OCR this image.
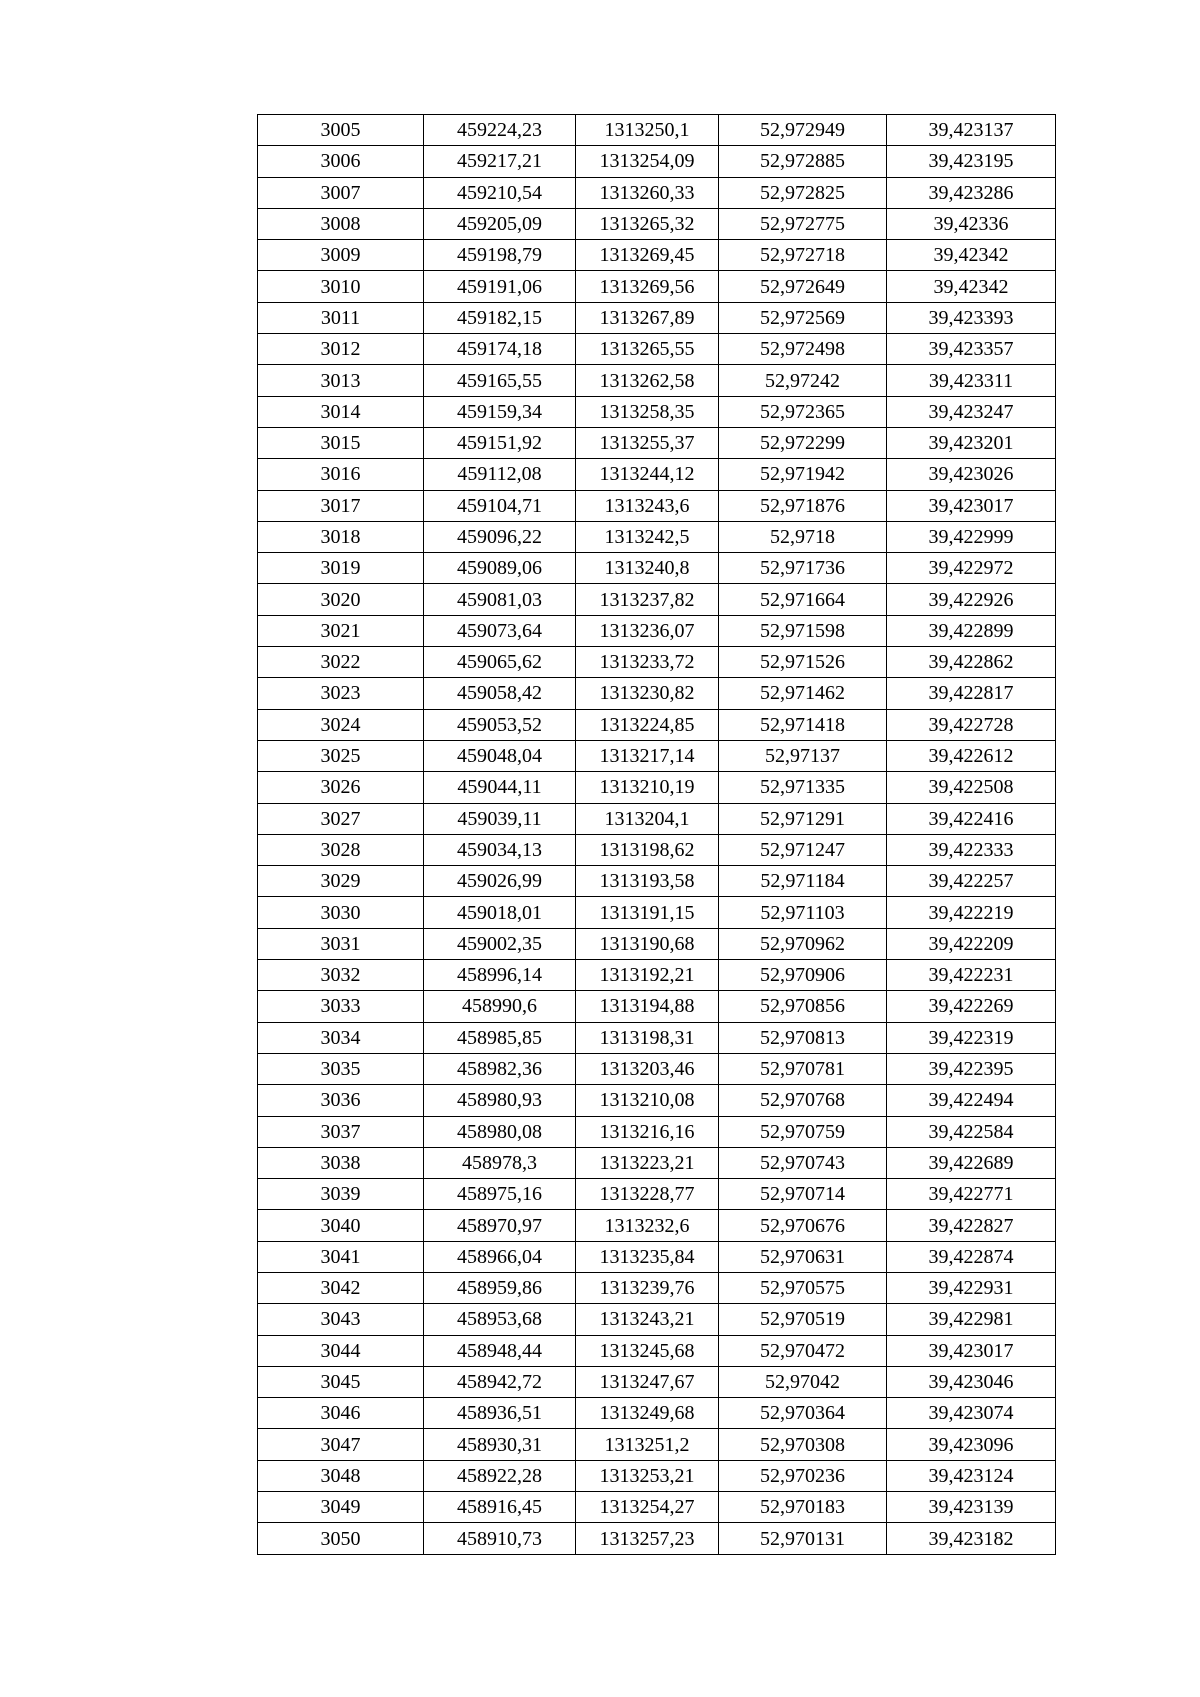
3005	459224,23	1313250,1	52,972949	39,423137
3006	459217,21	1313254,09	52,972885	39,423195
3007	459210,54	1313260,33	52,972825	39,423286
3008	459205,09	1313265,32	52,972775	39,42336
3009	459198,79	1313269,45	52,972718	39,42342
3010	459191,06	1313269,56	52,972649	39,42342
3011	459182,15	1313267,89	52,972569	39,423393
3012	459174,18	1313265,55	52,972498	39,423357
3013	459165,55	1313262,58	52,97242	39,423311
3014	459159,34	1313258,35	52,972365	39,423247
3015	459151,92	1313255,37	52,972299	39,423201
3016	459112,08	1313244,12	52,971942	39,423026
3017	459104,71	1313243,6	52,971876	39,423017
3018	459096,22	1313242,5	52,9718	39,422999
3019	459089,06	1313240,8	52,971736	39,422972
3020	459081,03	1313237,82	52,971664	39,422926
3021	459073,64	1313236,07	52,971598	39,422899
3022	459065,62	1313233,72	52,971526	39,422862
3023	459058,42	1313230,82	52,971462	39,422817
3024	459053,52	1313224,85	52,971418	39,422728
3025	459048,04	1313217,14	52,97137	39,422612
3026	459044,11	1313210,19	52,971335	39,422508
3027	459039,11	1313204,1	52,971291	39,422416
3028	459034,13	1313198,62	52,971247	39,422333
3029	459026,99	1313193,58	52,971184	39,422257
3030	459018,01	1313191,15	52,971103	39,422219
3031	459002,35	1313190,68	52,970962	39,422209
3032	458996,14	1313192,21	52,970906	39,422231
3033	458990,6	1313194,88	52,970856	39,422269
3034	458985,85	1313198,31	52,970813	39,422319
3035	458982,36	1313203,46	52,970781	39,422395
3036	458980,93	1313210,08	52,970768	39,422494
3037	458980,08	1313216,16	52,970759	39,422584
3038	458978,3	1313223,21	52,970743	39,422689
3039	458975,16	1313228,77	52,970714	39,422771
3040	458970,97	1313232,6	52,970676	39,422827
3041	458966,04	1313235,84	52,970631	39,422874
3042	458959,86	1313239,76	52,970575	39,422931
3043	458953,68	1313243,21	52,970519	39,422981
3044	458948,44	1313245,68	52,970472	39,423017
3045	458942,72	1313247,67	52,97042	39,423046
3046	458936,51	1313249,68	52,970364	39,423074
3047	458930,31	1313251,2	52,970308	39,423096
3048	458922,28	1313253,21	52,970236	39,423124
3049	458916,45	1313254,27	52,970183	39,423139
3050	458910,73	1313257,23	52,970131	39,423182
